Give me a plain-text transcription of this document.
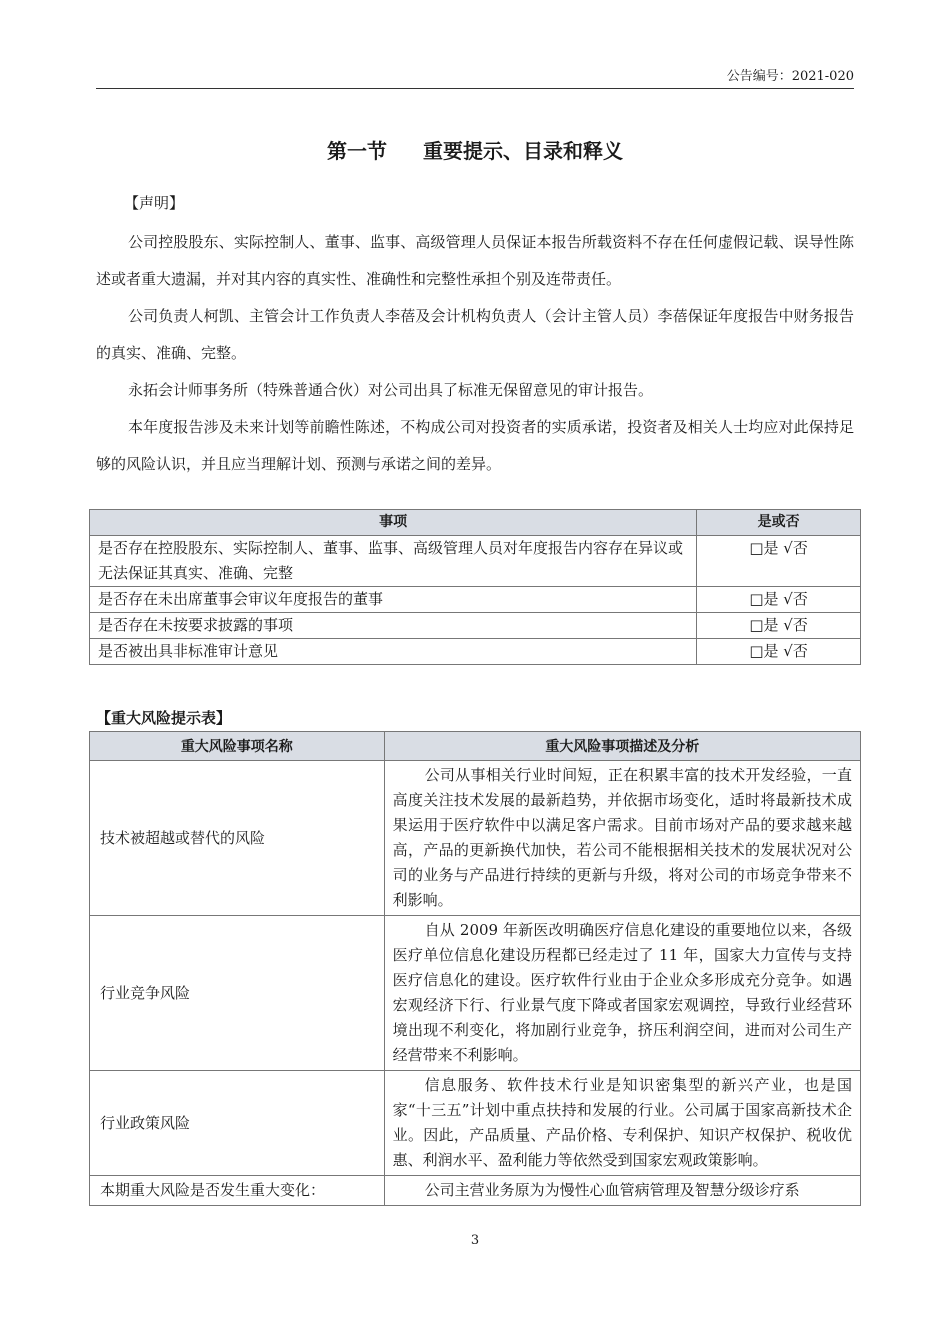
公告编号：2021-020
第一节 重要提示、目录和释义
【声明】
公司控股股东、实际控制人、董事、监事、高级管理人员保证本报告所载资料不存在任何虚假记载、误导性陈述或者重大遗漏，并对其内容的真实性、准确性和完整性承担个别及连带责任。
公司负责人柯凯、主管会计工作负责人李蓓及会计机构负责人（会计主管人员）李蓓保证年度报告中财务报告的真实、准确、完整。
永拓会计师事务所（特殊普通合伙）对公司出具了标准无保留意见的审计报告。
本年度报告涉及未来计划等前瞻性陈述，不构成公司对投资者的实质承诺，投资者及相关人士均应对此保持足够的风险认识，并且应当理解计划、预测与承诺之间的差异。
事项	是或否
是否存在控股股东、实际控制人、董事、监事、高级管理人员对年度报告内容存在异议或无法保证其真实、准确、完整	□是 √否
是否存在未出席董事会审议年度报告的董事	□是 √否
是否存在未按要求披露的事项	□是 √否
是否被出具非标准审计意见	□是 √否
【重大风险提示表】
重大风险事项名称	重大风险事项描述及分析
技术被超越或替代的风险	公司从事相关行业时间短，正在积累丰富的技术开发经验，一直高度关注技术发展的最新趋势，并依据市场变化，适时将最新技术成果运用于医疗软件中以满足客户需求。目前市场对产品的要求越来越高，产品的更新换代加快，若公司不能根据相关技术的发展状况对公司的业务与产品进行持续的更新与升级，将对公司的市场竞争带来不利影响。
行业竞争风险	自从 2009 年新医改明确医疗信息化建设的重要地位以来，各级医疗单位信息化建设历程都已经走过了 11 年，国家大力宣传与支持医疗信息化的建设。医疗软件行业由于企业众多形成充分竞争。如遇宏观经济下行、行业景气度下降或者国家宏观调控，导致行业经营环境出现不利变化，将加剧行业竞争，挤压利润空间，进而对公司生产经营带来不利影响。
行业政策风险	信息服务、软件技术行业是知识密集型的新兴产业，也是国家“十三五”计划中重点扶持和发展的行业。公司属于国家高新技术企业。因此，产品质量、产品价格、专利保护、知识产权保护、税收优惠、利润水平、盈利能力等依然受到国家宏观政策影响。
本期重大风险是否发生重大变化：	公司主营业务原为为慢性心血管病管理及智慧分级诊疗系
3
